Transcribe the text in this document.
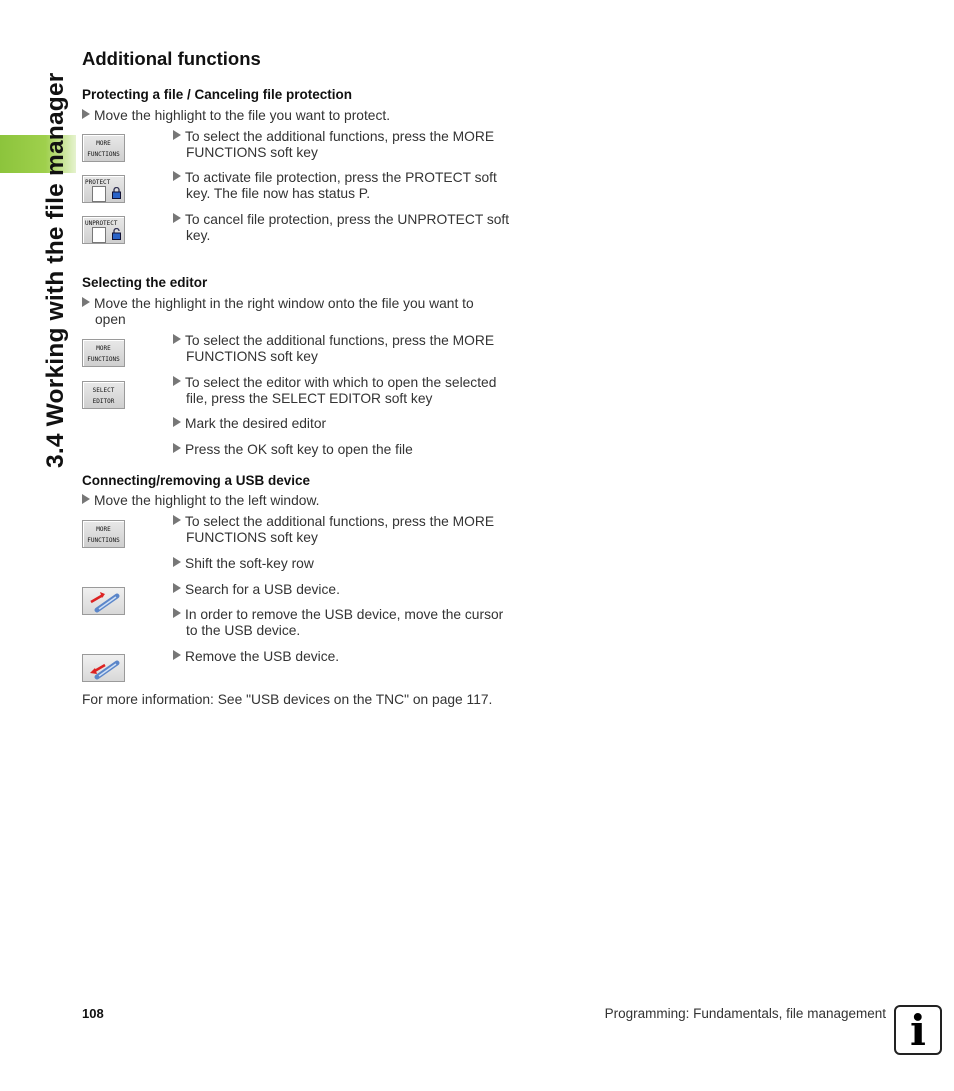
3.4 Working with the file manager
Additional functions
Protecting a file / Canceling file protection
Move the highlight to the file you want to protect.
MORE FUNCTIONS
To select the additional functions, press the MORE
FUNCTIONS soft key
PROTECT	To activate file protection, press the PROTECT soft
key. The file now has status P.
UNPROTECT	To cancel file protection, press the UNPROTECT soft
key.
Selecting the editor
Move the highlight in the right window onto the file you want to
open
MORE FUNCTIONS
To select the additional functions, press the MORE
FUNCTIONS soft key
SELECT EDITOR
To select the editor with which to open the selected
file, press the SELECT EDITOR soft key
Mark the desired editor
Press the OK soft key to open the file
Connecting/removing a USB device
Move the highlight to the left window.
MORE FUNCTIONS
To select the additional functions, press the MORE
FUNCTIONS soft key
Shift the soft-key row
Search for a USB device.
In order to remove the USB device, move the cursor
to the USB device.
Remove the USB device.
For more information: See "USB devices on the TNC" on page 117.
108	Programming: Fundamentals, file management i
